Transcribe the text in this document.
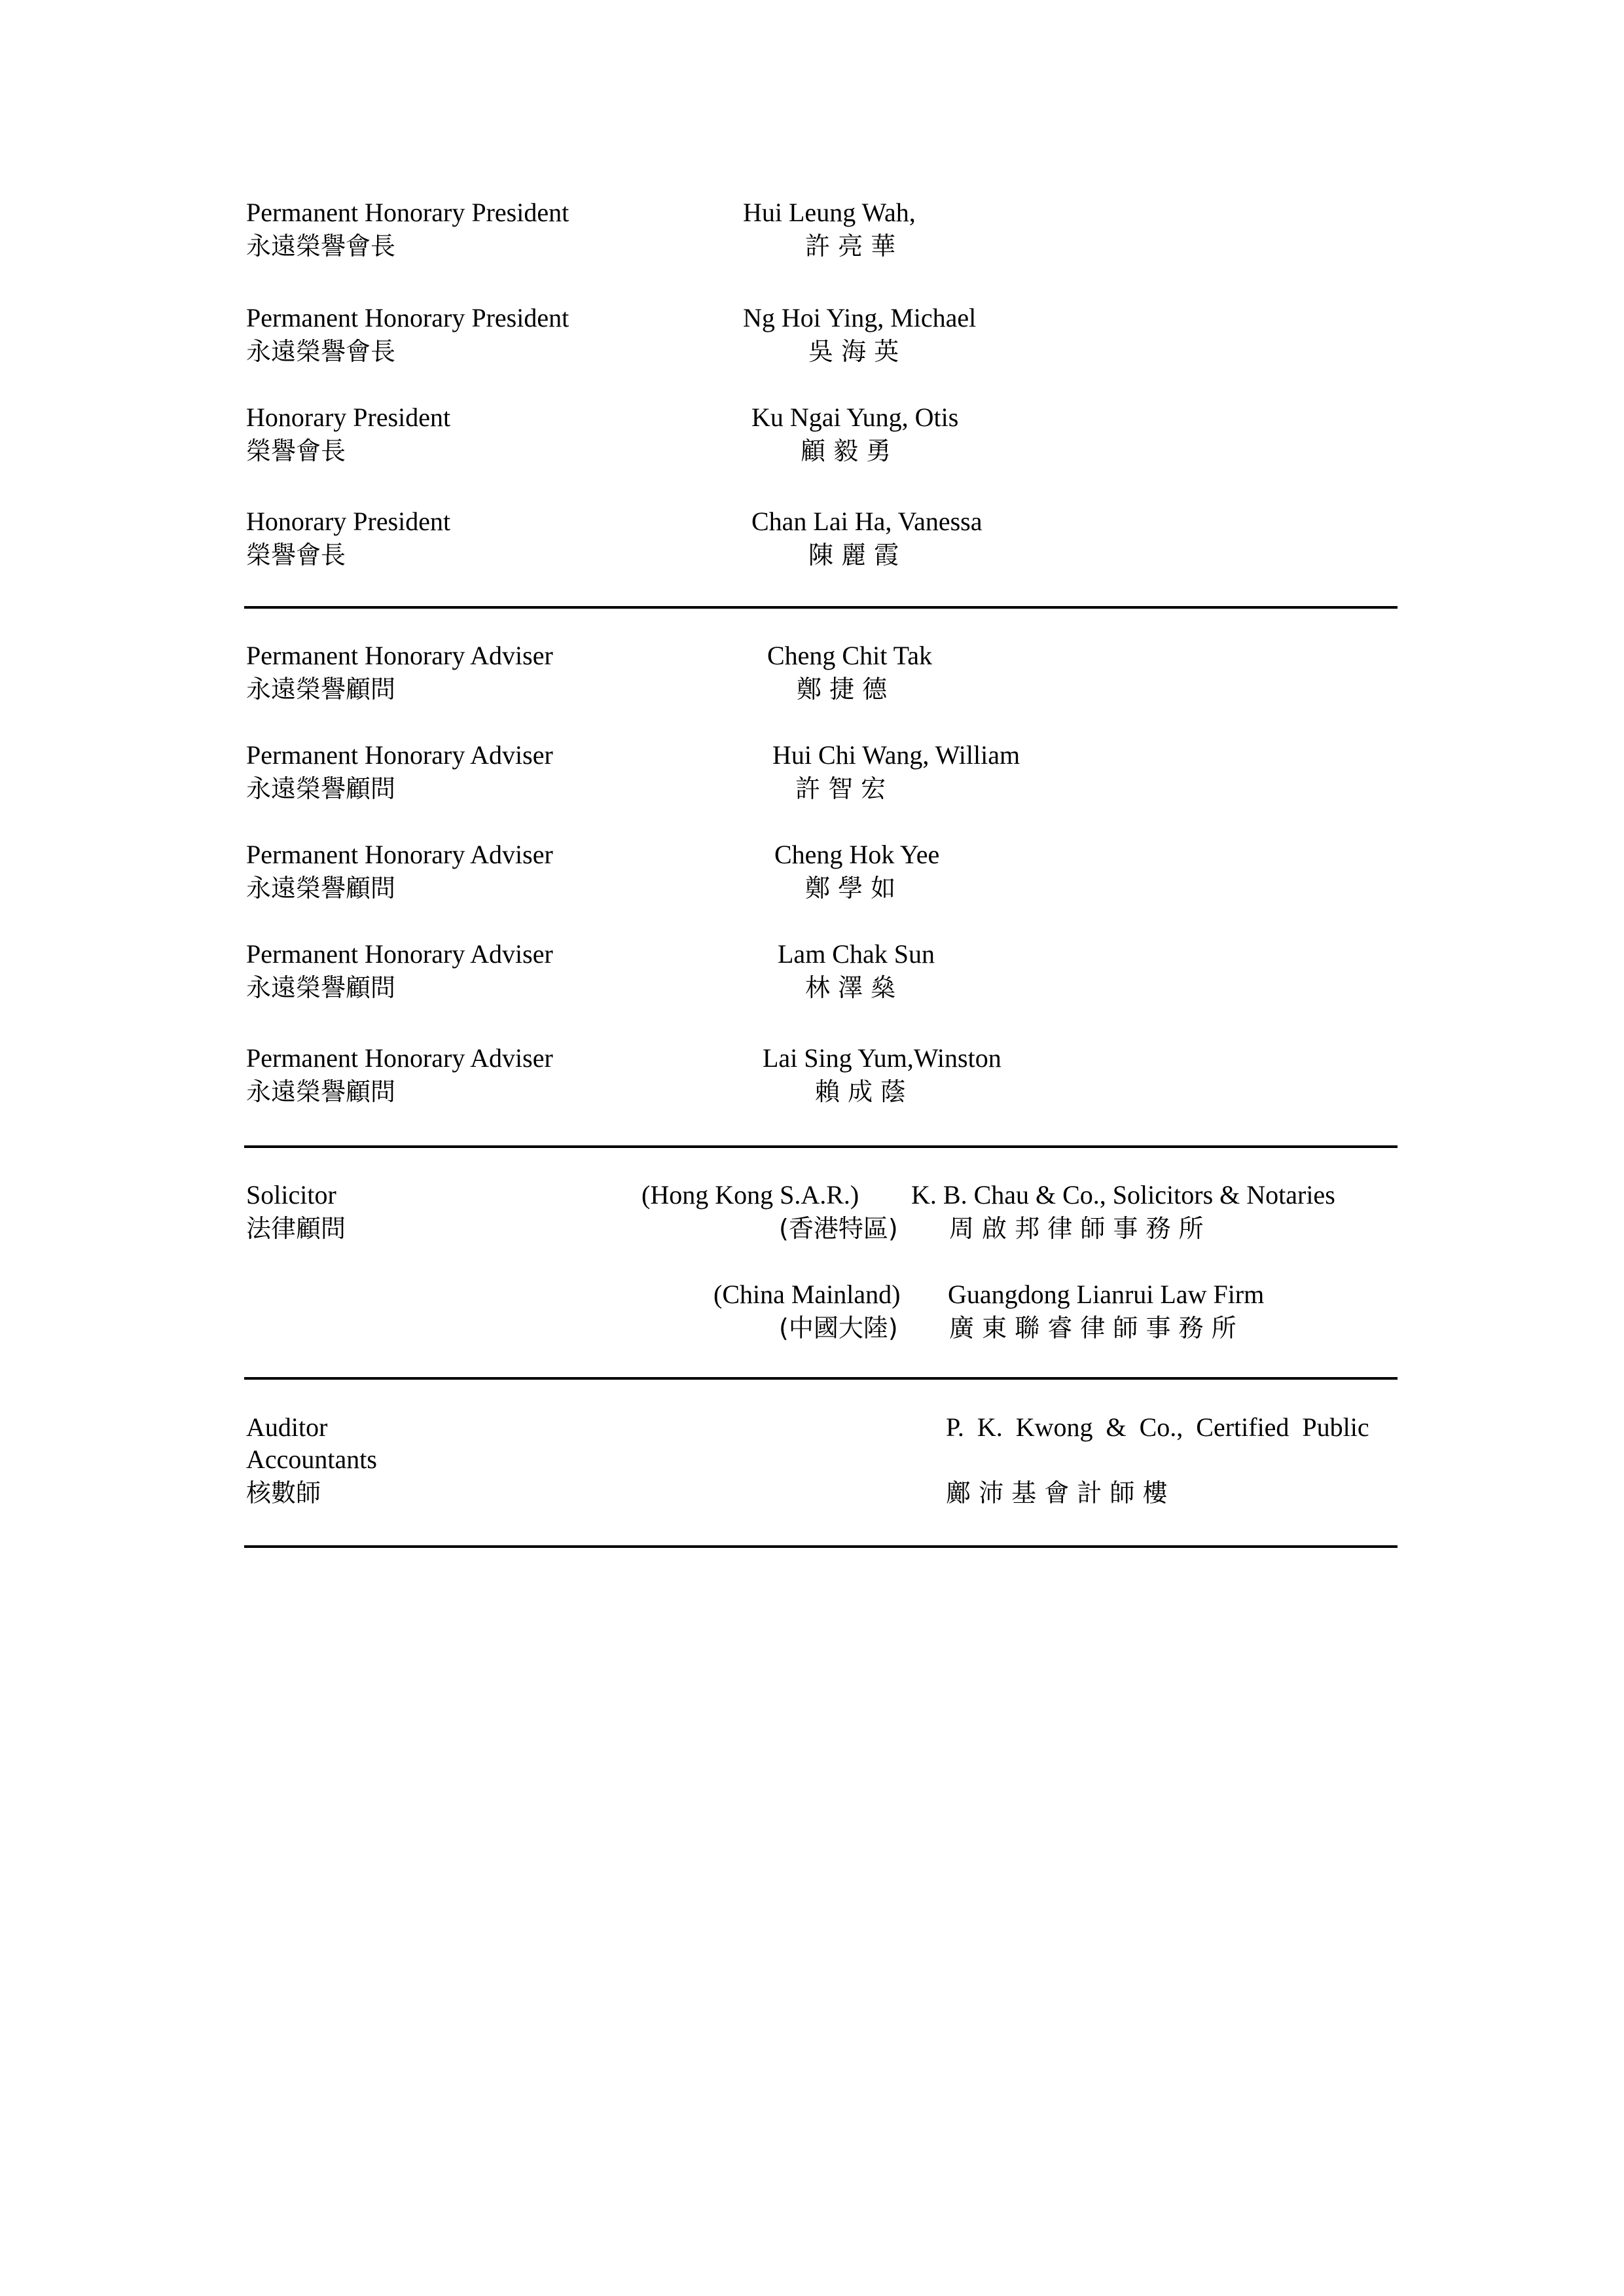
Permanent Honorary President
永遠榮譽會長
Hui Leung Wah,
許 亮 華
Permanent Honorary President
永遠榮譽會長
Ng Hoi Ying, Michael
吳 海 英
Honorary President
榮譽會長
Ku Ngai Yung, Otis
顧 毅 勇
Honorary President
榮譽會長
Chan Lai Ha, Vanessa
陳 麗 霞
Permanent Honorary Adviser
永遠榮譽顧問
Cheng Chit Tak
鄭 捷 德
Permanent Honorary Adviser
永遠榮譽顧問
Hui Chi Wang, William
許 智 宏
Permanent Honorary Adviser
永遠榮譽顧問
Cheng Hok Yee
鄭 學 如
Permanent Honorary Adviser
永遠榮譽顧問
Lam Chak Sun
林 澤 燊
Permanent Honorary Adviser
永遠榮譽顧問
Lai Sing Yum,Winston
賴 成 蔭
Solicitor
法律顧問
(Hong Kong S.A.R.) K. B. Chau & Co., Solicitors & Notaries
(香港特區) 周 啟 邦 律 師 事 務 所
(China Mainland) Guangdong Lianrui Law Firm
(中國大陸) 廣 東 聯 睿 律 師 事 務 所
Auditor
Accountants
核數師
P. K. Kwong & Co., Certified Public
鄺 沛 基 會 計 師 樓
